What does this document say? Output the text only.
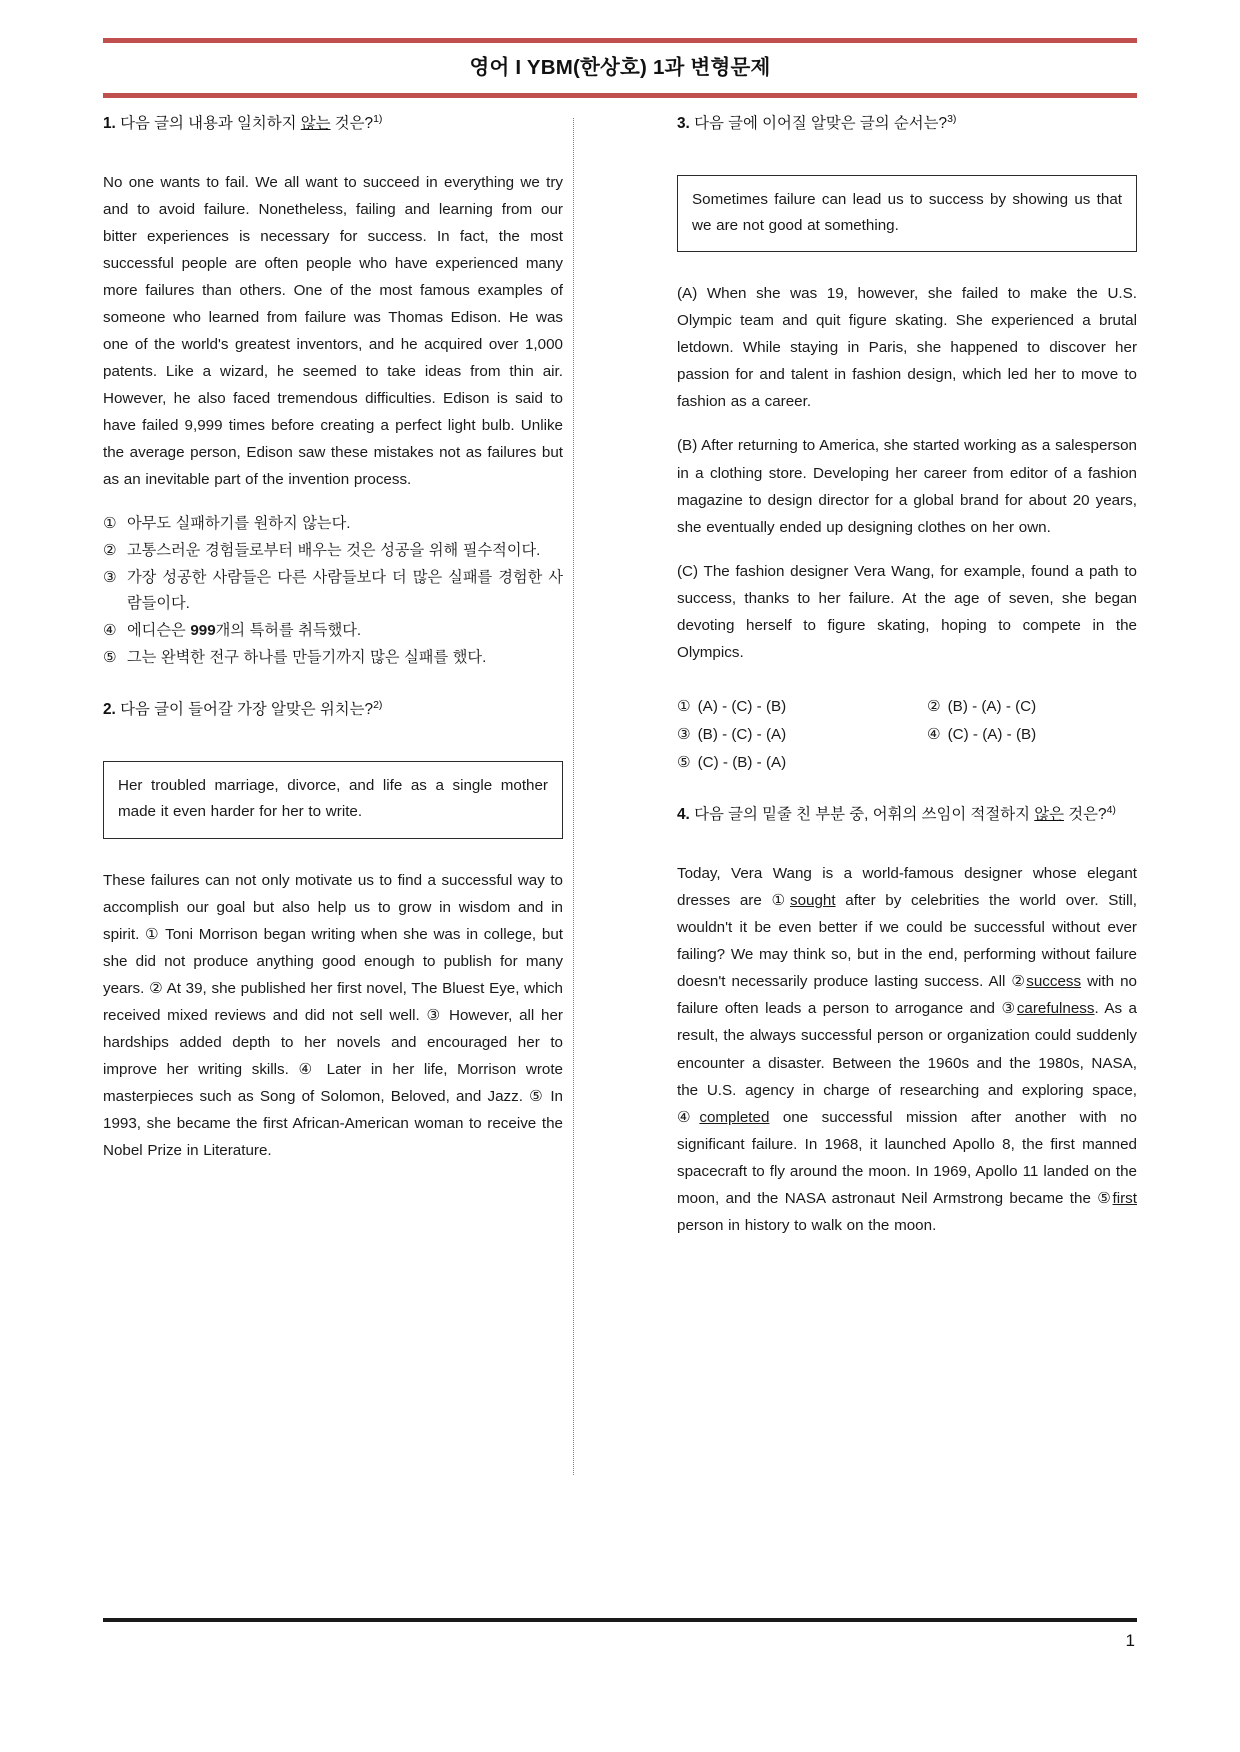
영어 I YBM(한상호) 1과 변형문제
1. 다음 글의 내용과 일치하지 않는 것은?$^{1)}$

No one wants to fail. We all want to succeed in everything we try and to avoid failure. Nonetheless, failing and learning from our bitter experiences is necessary for success. In fact, the most successful people are often people who have experienced many more failures than others. One of the most famous examples of someone who learned from failure was Thomas Edison. He was one of the world's greatest inventors, and he acquired over 1,000 patents. Like a wizard, he seemed to take ideas from thin air. However, he also faced tremendous difficulties. Edison is said to have failed 9,999 times before creating a perfect light bulb. Unlike the average person, Edison saw these mistakes not as failures but as an inevitable part of the invention process.

① 아무도 실패하기를 원하지 않는다.
② 고통스러운 경험들로부터 배우는 것은 성공을 위해 필수적이다.
③ 가장 성공한 사람들은 다른 사람들보다 더 많은 실패를 경험한 사람들이다.
④ 에디슨은 999개의 특허를 취득했다.
⑤ 그는 완벽한 전구 하나를 만들기까지 많은 실패를 했다.
2. 다음 글이 들어갈 가장 알맞은 위치는?$^{2)}$

Her troubled marriage, divorce, and life as a single mother made it even harder for her to write.

These failures can not only motivate us to find a successful way to accomplish our goal but also help us to grow in wisdom and in spirit. ① Toni Morrison began writing when she was in college, but she did not produce anything good enough to publish for many years. ② At 39, she published her first novel, The Bluest Eye, which received mixed reviews and did not sell well. ③ However, all her hardships added depth to her novels and encouraged her to improve her writing skills. ④ Later in her life, Morrison wrote masterpieces such as Song of Solomon, Beloved, and Jazz. ⑤ In 1993, she became the first African-American woman to receive the Nobel Prize in Literature.

3. 다음 글에 이어질 알맞은 글의 순서는?$^{3)}$

Sometimes failure can lead us to success by showing us that we are not good at something.

(A) When she was 19, however, she failed to make the U.S. Olympic team and quit figure skating. She experienced a brutal letdown. While staying in Paris, she happened to discover her passion for and talent in fashion design, which led her to move to fashion as a career.

(B) After returning to America, she started working as a salesperson in a clothing store. Developing her career from editor of a fashion magazine to design director for a global brand for about 20 years, she eventually ended up designing clothes on her own.

(C) The fashion designer Vera Wang, for example, found a path to success, thanks to her failure. At the age of seven, she began devoting herself to figure skating, hoping to compete in the Olympics.

① (A) - (C) - (B)	② (B) - (A) - (C)
③ (B) - (C) - (A)	④ (C) - (A) - (B)
⑤ (C) - (B) - (A)
4. 다음 글의 밑줄 친 부분 중, 어휘의 쓰임이 적절하지 않은 것은?$^{4)}$

Today, Vera Wang is a world-famous designer whose elegant dresses are ①sought after by celebrities the world over. Still, wouldn't it be even better if we could be successful without ever failing? We may think so, but in the end, performing without failure doesn't necessarily produce lasting success. All ②success with no failure often leads a person to arrogance and ③carefulness. As a result, the always successful person or organization could suddenly encounter a disaster. Between the 1960s and the 1980s, NASA, the U.S. agency in charge of researching and exploring space, ④completed one successful mission after another with no significant failure. In 1968, it launched Apollo 8, the first manned spacecraft to fly around the moon. In 1969, Apollo 11 landed on the moon, and the NASA astronaut Neil Armstrong became the ⑤first person in history to walk on the moon.

1
